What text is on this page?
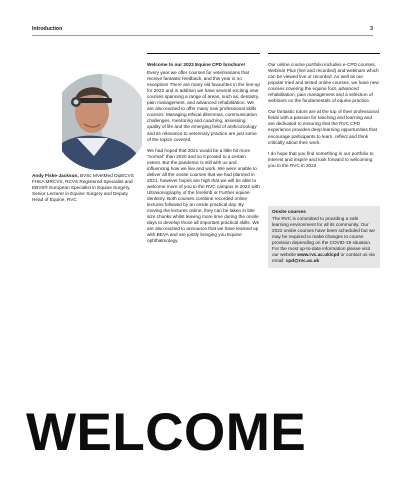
Introduction	3
Andy Fiske-Jackson, BVSc MVetMed DipECVS FHEA MRCVS, RCVS Registered Specialist and EBVS® European Specialist in Equine Surgery, Senior Lecturer in Equine Surgery and Deputy Head of Equine, RVC

Welcome to our 2022 Equine CPD brochure!

Every year we offer courses for veterinarians that receive fantastic feedback, and this year is no exception! There are many old favourites in the line-up for 2022 and in addition we have several exciting new courses spanning a range of areas, such as; dentistry, pain management, and advanced rehabilitation. We are also excited to offer many new professional skills courses. Managing ethical dilemmas, communication challenges, mentoring and coaching, assessing quality of life and the emerging field of anthrozoology and its relevance to veterinary practice are just some of the topics covered.

We had hoped that 2021 would be a little bit more “normal” than 2020 and so it proved to a certain extent. But the pandemic is still with us and influencing how we live and work. We were unable to deliver all the onsite courses that we had planned in 2021, however hopes are high that we will be able to welcome more of you to the RVC campus in 2022 with Ultrasonography of the forelimb or Further equine dentistry. Both courses combine recorded online lectures followed by an onsite practical day. By moving the lectures online, they can be taken in bite size chunks whilst leaving more time during the onsite days to develop those all important practical skills. We are also excited to announce that we have teamed up with BEVA and are jointly bringing you Equine ophthalmology.

Our online course portfolio includes e-CPD courses, Webinar Plus (live and recorded) and webinars which can be viewed live or recorded. As well as our popular tried and tested online courses, we have new courses covering the equine foot, advanced rehabilitation, pain management and a selection of webinars on the fundamentals of equine practice.

Our fantastic tutors are at the top of their professional fields with a passion for teaching and learning and are dedicated to ensuring that the RVC CPD experience provides deep learning opportunities that encourage participants to learn, reflect and think critically about their work.

I do hope that you find something in our portfolio to interest and inspire and look forward to welcoming you to the RVC in 2022.

Onsite courses
The RVC is committed to providing a safe learning environment for all its community. Our 2022 onsite courses have been scheduled but we may be required to make changes to course provision depending on the COVID-19 situation. For the most up-to-date information please visit our website www.rvc.ac.uk/cpd or contact us via email: cpd@rvc.ac.uk
WELCOME
